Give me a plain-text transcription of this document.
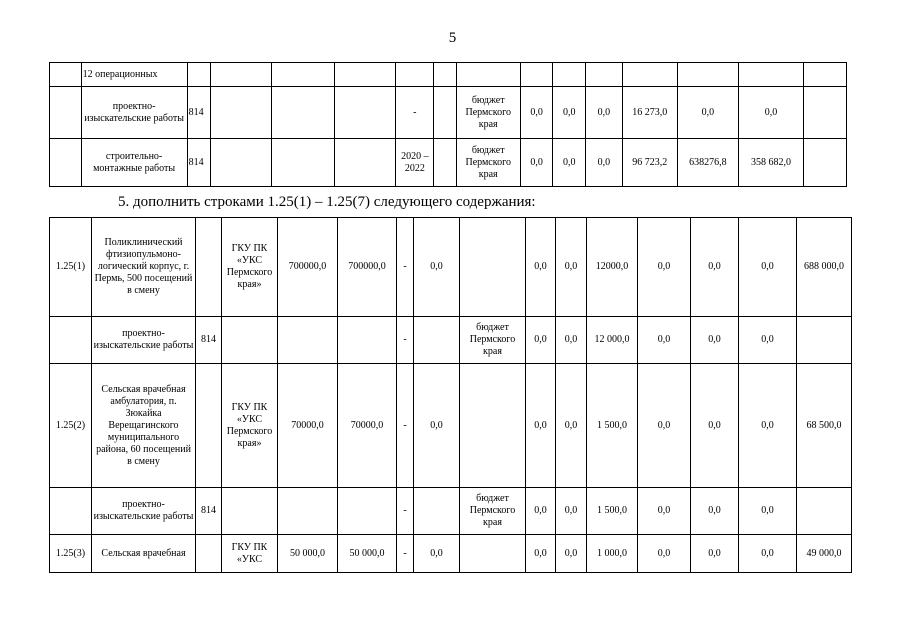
5
	12 операционных														
	проектно-изыскательские работы	814				-		бюджет Пермского края	0,0	0,0	0,0	16 273,0	0,0	0,0	
	строительно-монтажные работы	814				2020 – 2022		бюджет Пермского края	0,0	0,0	0,0	96 723,2	638276,8	358 682,0	
5. дополнить строками 1.25(1) – 1.25(7) следующего содержания:
1.25(1)	Поликлинический фтизиопульмоно-логический корпус, г. Пермь, 500 посещений в смену		ГКУ ПК «УКС Пермского края»	700000,0	700000,0	-	0,0		0,0	0,0	12000,0	0,0	0,0	0,0	688 000,0
	проектно-изыскательские работы	814				-		бюджет Пермского края	0,0	0,0	12 000,0	0,0	0,0	0,0	
1.25(2)	Сельская врачебная амбулатория, п. Зюкайка Верещагинского муниципального района, 60 посещений в смену		ГКУ ПК «УКС Пермского края»	70000,0	70000,0	-	0,0		0,0	0,0	1 500,0	0,0	0,0	0,0	68 500,0
	проектно-изыскательские работы	814				-		бюджет Пермского края	0,0	0,0	1 500,0	0,0	0,0	0,0	
1.25(3)	Сельская врачебная		ГКУ ПК «УКС	50 000,0	50 000,0	-	0,0		0,0	0,0	1 000,0	0,0	0,0	0,0	49 000,0
